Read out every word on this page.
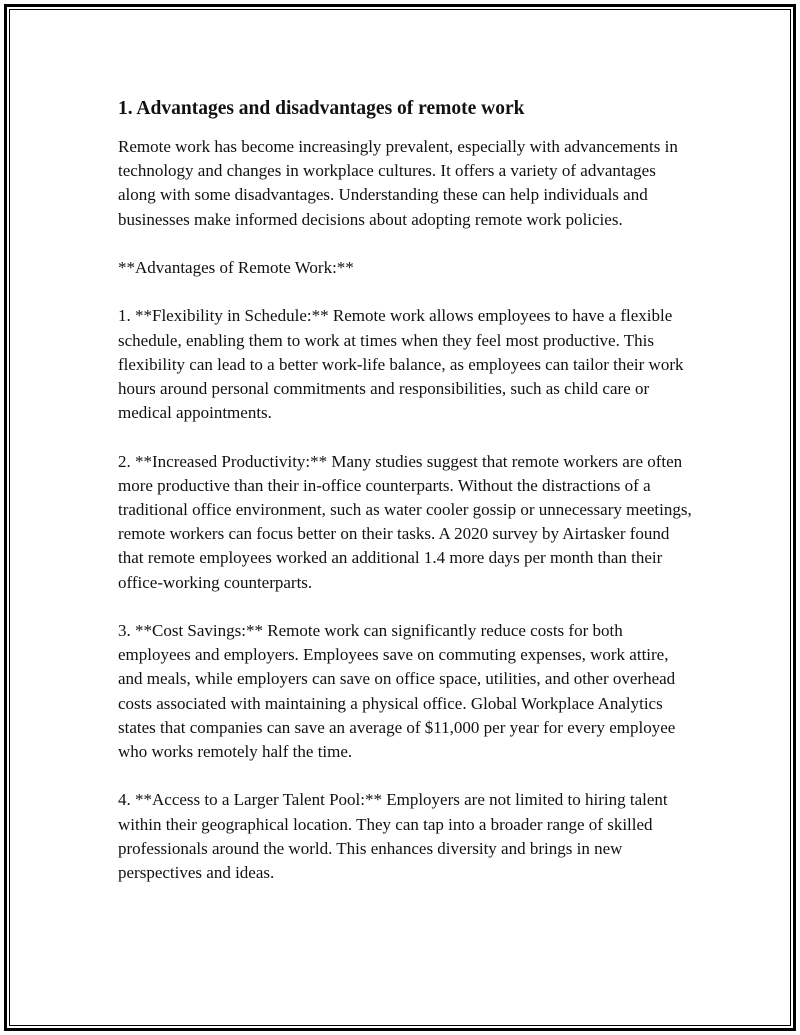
1. Advantages and disadvantages of remote work

Remote work has become increasingly prevalent, especially with advancements in technology and changes in workplace cultures. It offers a variety of advantages along with some disadvantages. Understanding these can help individuals and businesses make informed decisions about adopting remote work policies.

**Advantages of Remote Work:**

1. **Flexibility in Schedule:** Remote work allows employees to have a flexible schedule, enabling them to work at times when they feel most productive. This flexibility can lead to a better work-life balance, as employees can tailor their work hours around personal commitments and responsibilities, such as child care or medical appointments.

2. **Increased Productivity:** Many studies suggest that remote workers are often more productive than their in-office counterparts. Without the distractions of a traditional office environment, such as water cooler gossip or unnecessary meetings, remote workers can focus better on their tasks. A 2020 survey by Airtasker found that remote employees worked an additional 1.4 more days per month than their office-working counterparts.

3. **Cost Savings:** Remote work can significantly reduce costs for both employees and employers. Employees save on commuting expenses, work attire, and meals, while employers can save on office space, utilities, and other overhead costs associated with maintaining a physical office. Global Workplace Analytics states that companies can save an average of $11,000 per year for every employee who works remotely half the time.

4. **Access to a Larger Talent Pool:** Employers are not limited to hiring talent within their geographical location. They can tap into a broader range of skilled professionals around the world. This enhances diversity and brings in new perspectives and ideas.
